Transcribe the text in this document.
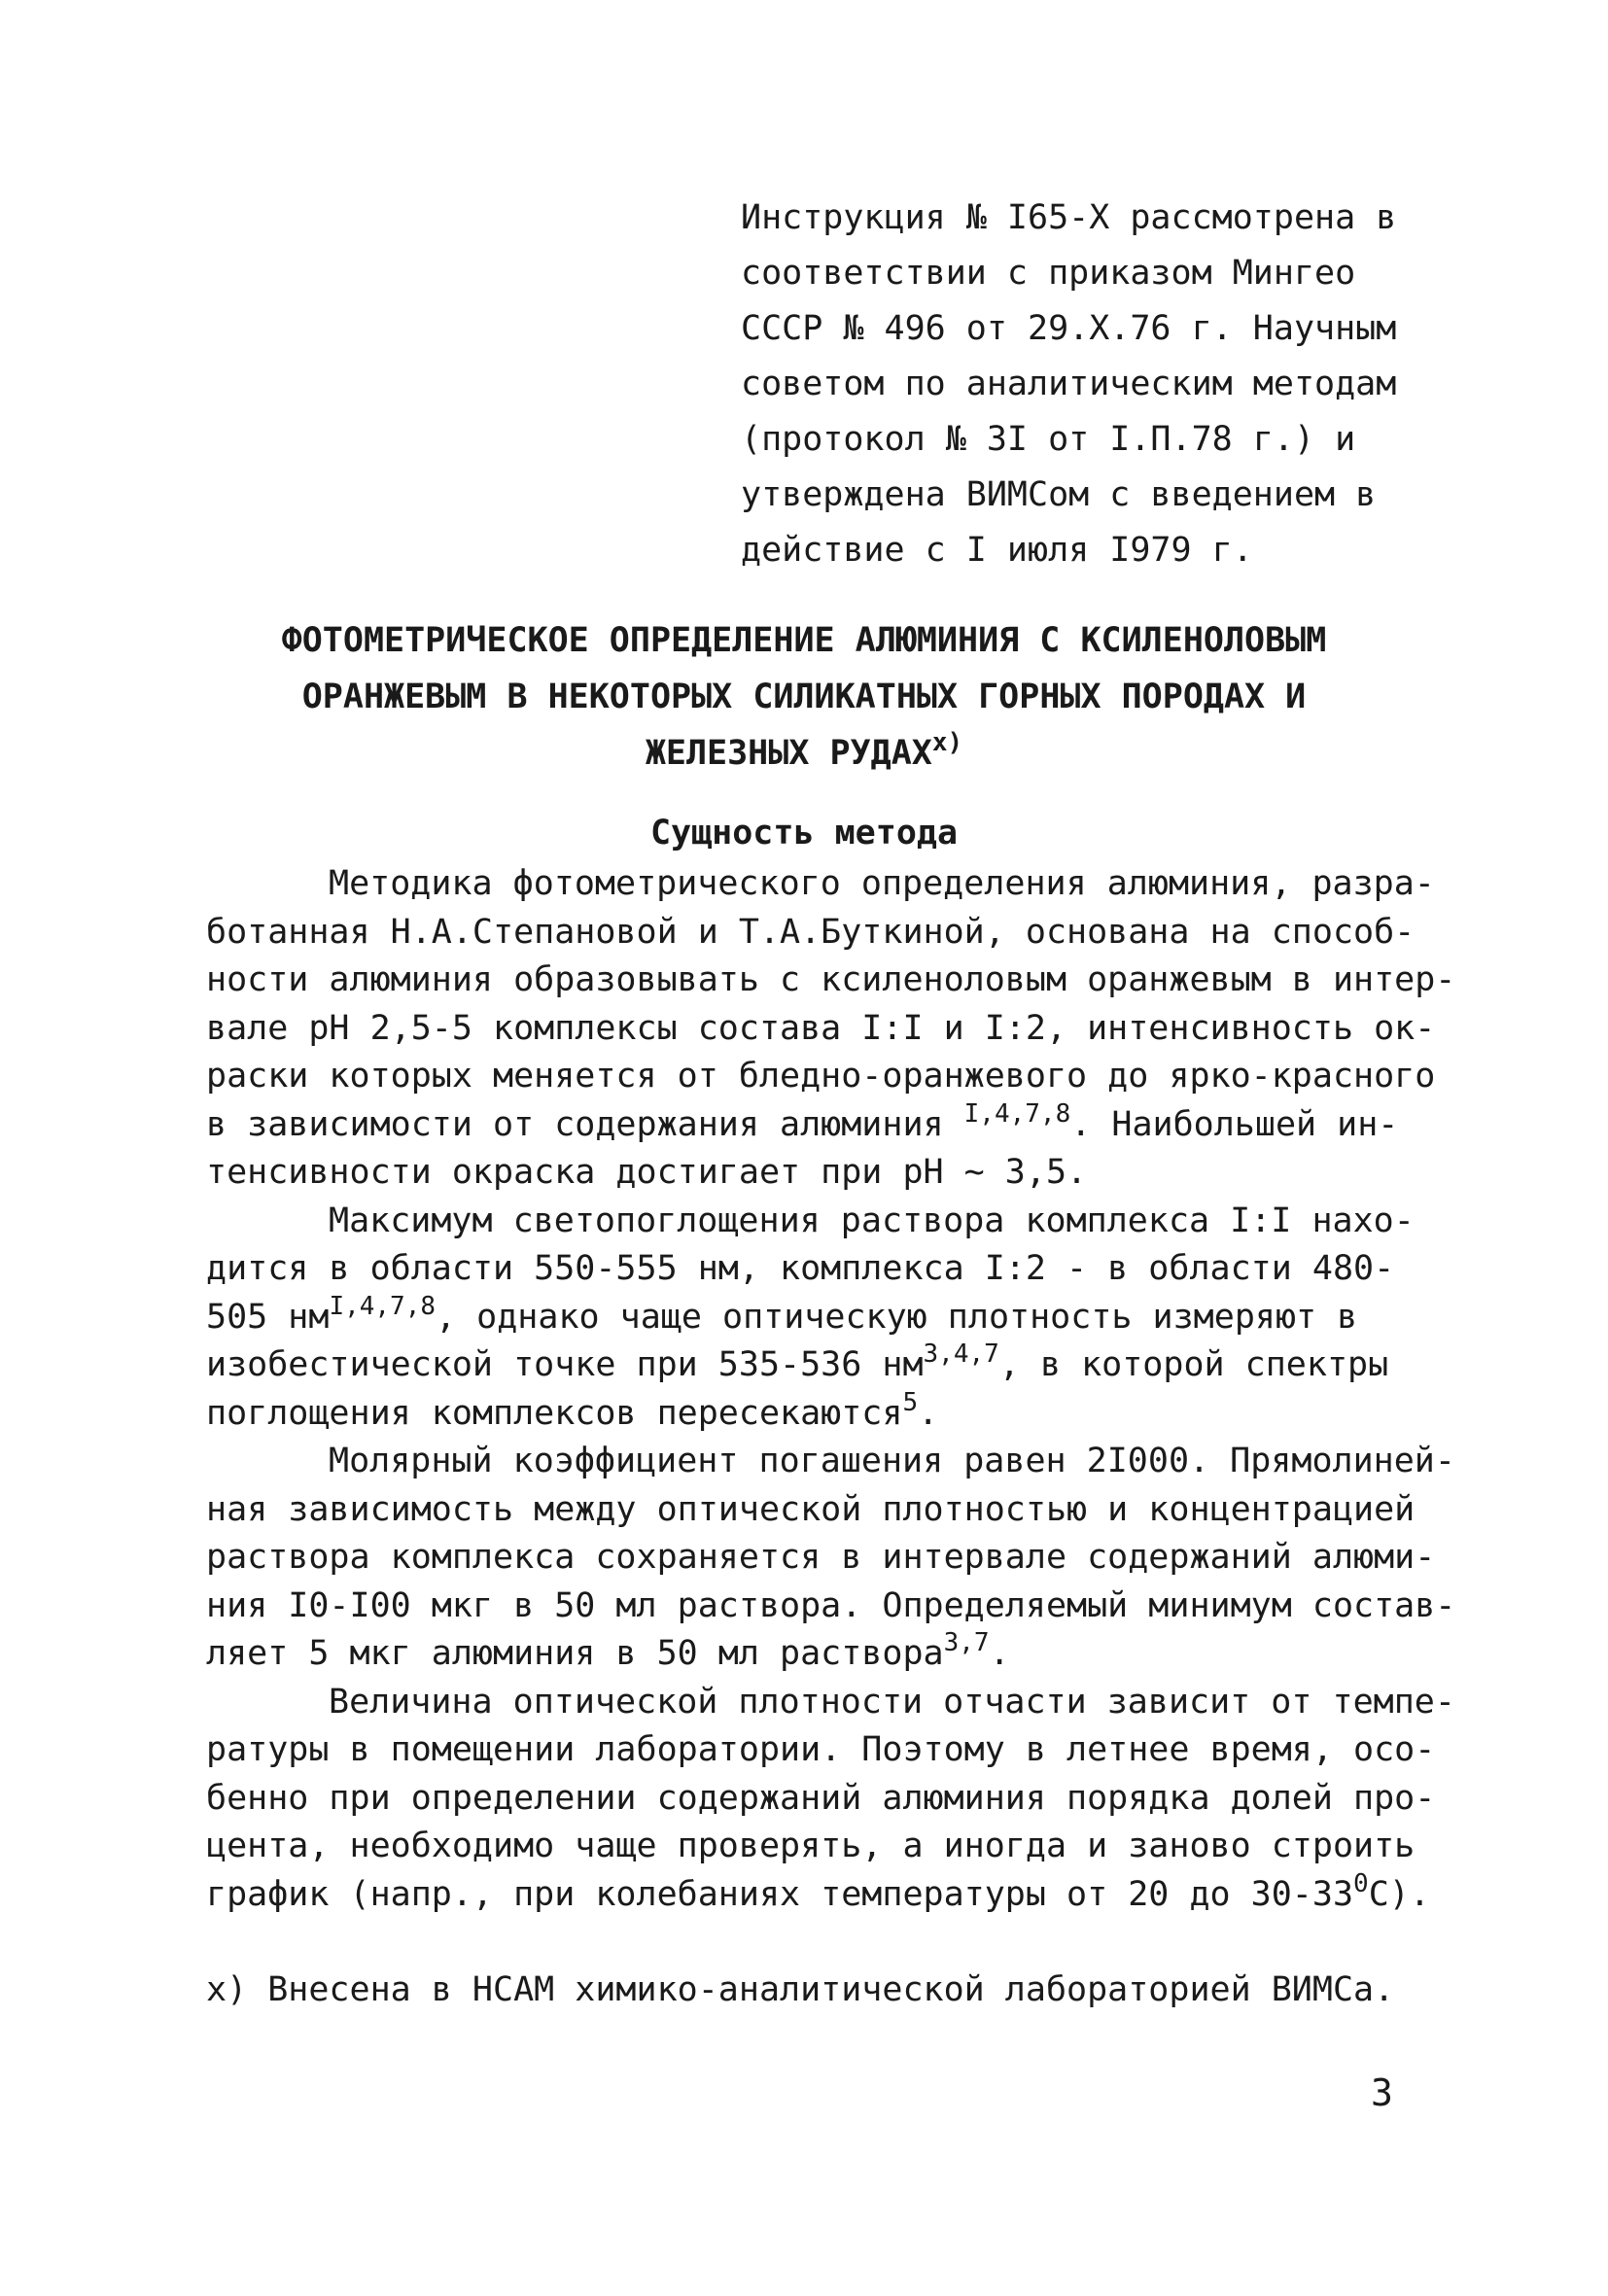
Инструкция № I65-Х рассмотрена в
соответствии с приказом Мингео
СССР № 496 от 29.Х.76 г. Научным
советом по аналитическим методам
(протокол № 3I от I.П.78 г.) и
утверждена ВИМСом с введением в
действие с I июля I979 г.
ФОТОМЕТРИЧЕСКОЕ ОПРЕДЕЛЕНИЕ АЛЮМИНИЯ С КСИЛЕНОЛОВЫМ
ОРАНЖЕВЫМ В НЕКОТОРЫХ СИЛИКАТНЫХ ГОРНЫХ ПОРОДАХ И
ЖЕЛЕЗНЫХ $РУДАХ^{х)}$
Сущность метода
Методика фотометрического определения алюминия, разра-
ботанная Н.А.Степановой и Т.А.Буткиной, основана на способ-
ности алюминия образовывать с ксиленоловым оранжевым в интер-
вале рН 2,5-5 комплексы состава I:I и I:2, интенсивность ок-
раски которых меняется от бледно-оранжевого до ярко-красного
в зависимости от содержания алюминия $^{I,4,7,8}$. Наибольшей ин-
тенсивности окраска достигает при рН ~ 3,5.
Максимум светопоглощения раствора комплекса I:I нахо-
дится в области 550-555 нм, комплекса I:2 - в области 480-
505 $нм^{I,4,7,8}$, однако чаще оптическую плотность измеряют в
изобестической точке при 535-536 нм$^{3,4,7}$, в которой спектры
поглощения комплексов пересекаются$^5$.
Молярный коэффициент погашения равен 2I000. Прямолиней-
ная зависимость между оптической плотностью и концентрацией
раствора комплекса сохраняется в интервале содержаний алюми-
ния I0-I00 мкг в 50 мл раствора. Определяемый минимум состав-
ляет 5 мкг алюминия в 50 мл раствора$^{3,7}$.
Величина оптической плотности отчасти зависит от темпе-
ратуры в помещении лаборатории. Поэтому в летнее время, осо-
бенно при определении содержаний алюминия порядка долей про-
цента, необходимо чаще проверять, а иногда и заново строить
график (напр., при колебаниях температуры от 20 до $30-33^0С$).
х) Внесена в НСАМ химико-аналитической лабораторией ВИМСа.
3
